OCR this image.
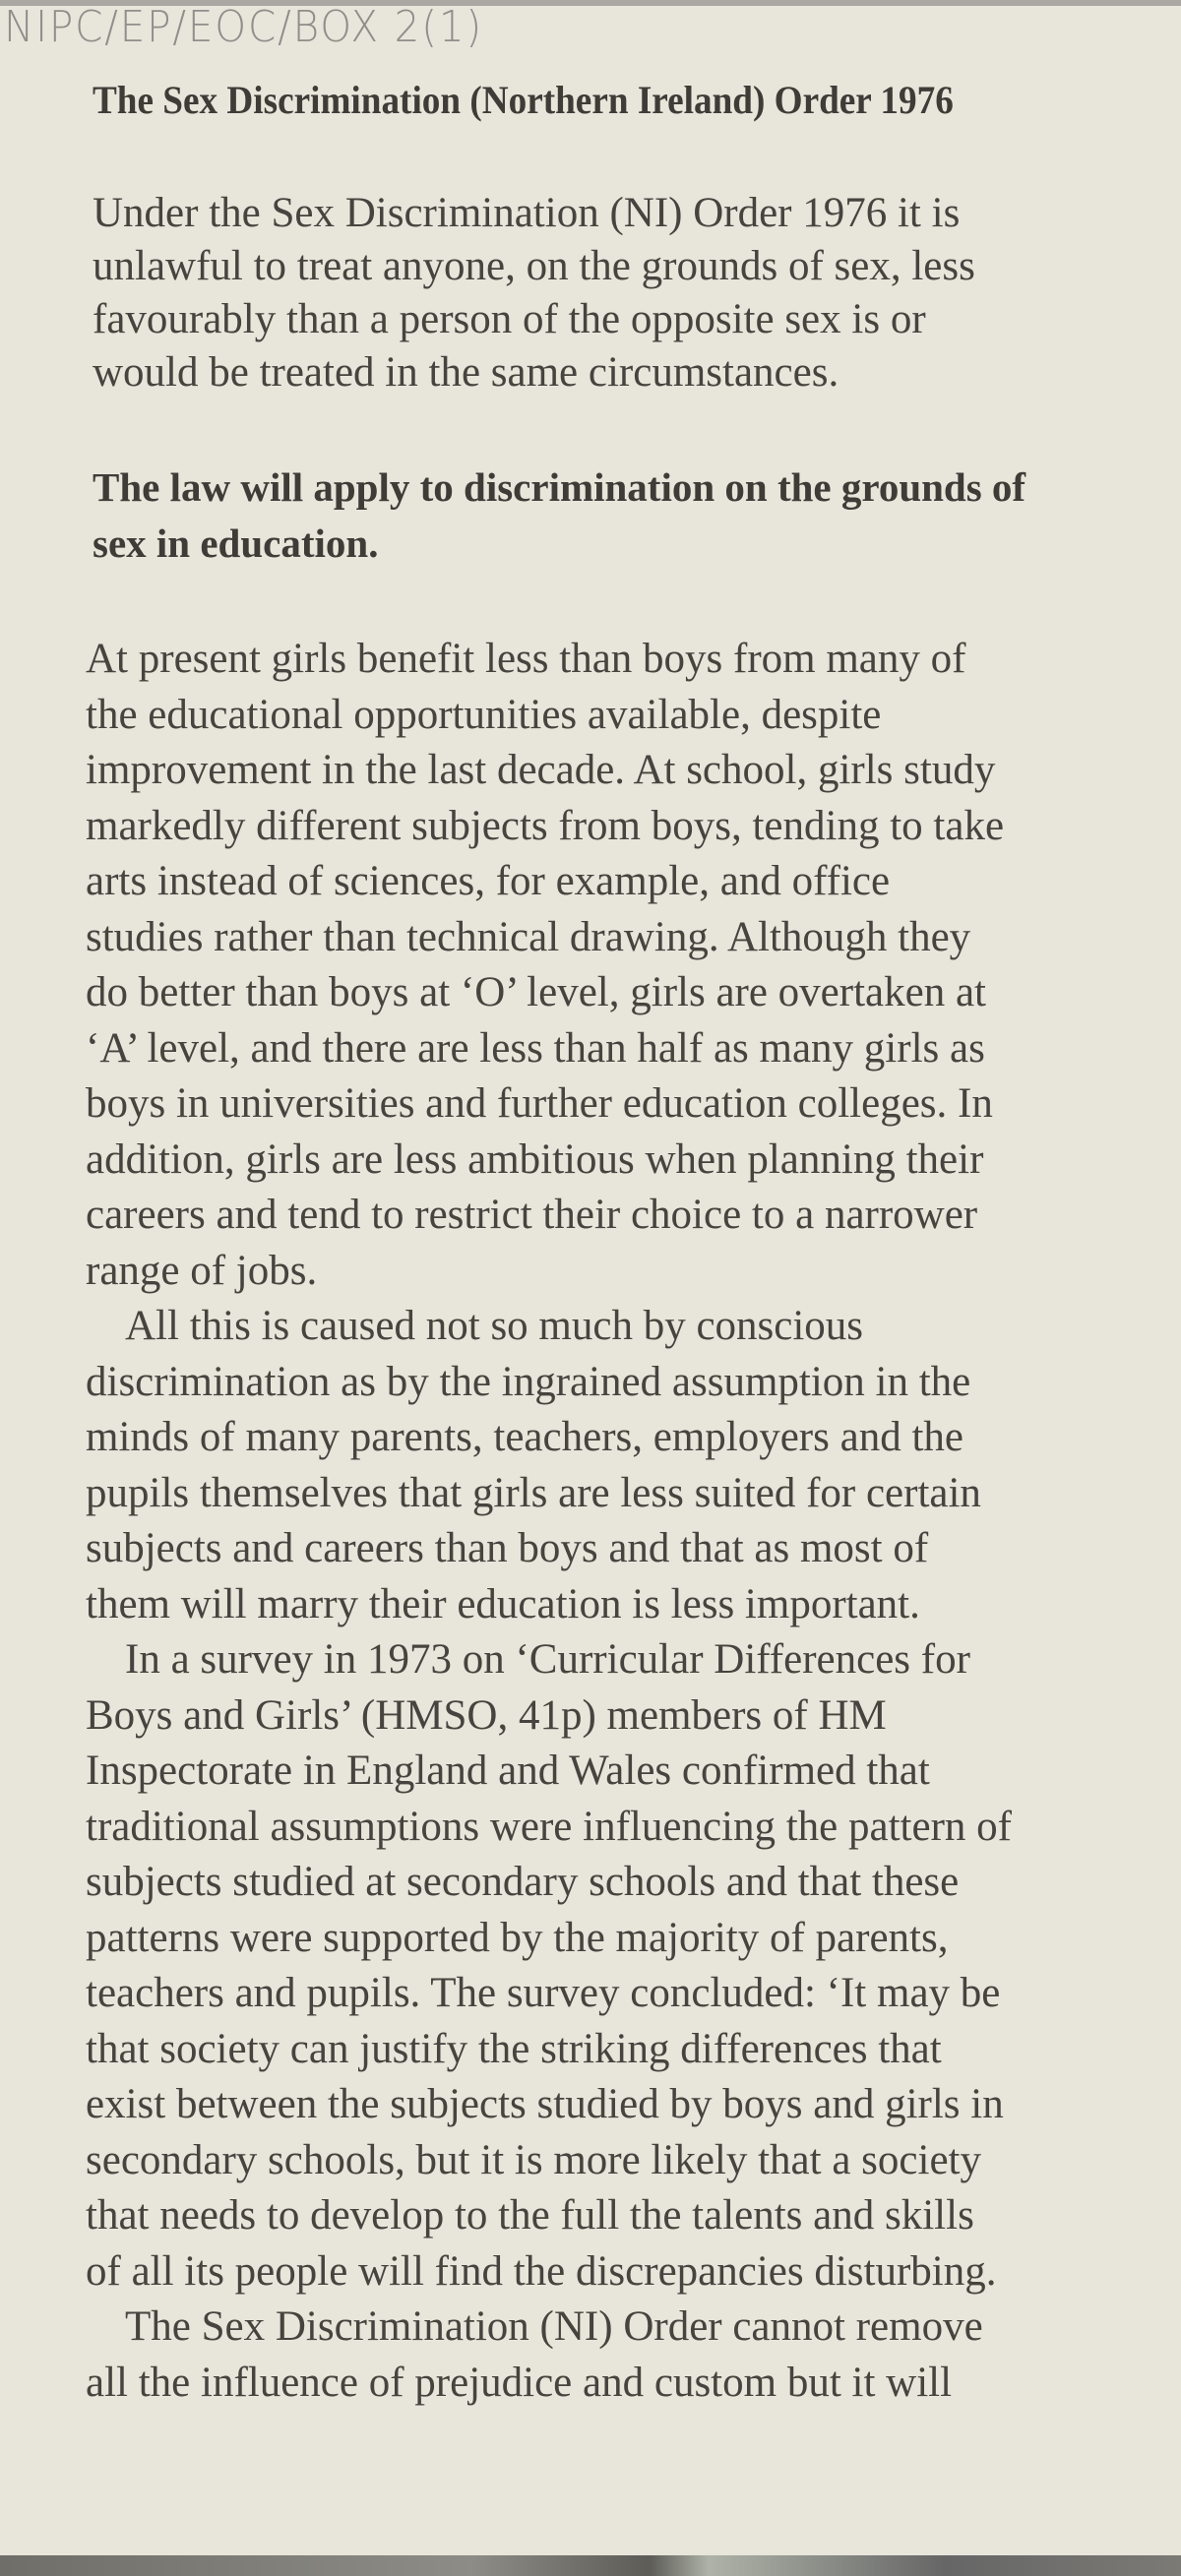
NIPC/EP/EOC/BOX 2(1)
The Sex Discrimination (Northern Ireland) Order 1976
Under the Sex Discrimination (NI) Order 1976 it is
unlawful to treat anyone, on the grounds of sex, less
favourably than a person of the opposite sex is or
would be treated in the same circumstances.
The law will apply to discrimination on the grounds of
sex in education.
At present girls benefit less than boys from many of
the educational opportunities available, despite
improvement in the last decade. At school, girls study
markedly different subjects from boys, tending to take
arts instead of sciences, for example, and office
studies rather than technical drawing. Although they
do better than boys at ‘O’ level, girls are overtaken at
‘A’ level, and there are less than half as many girls as
boys in universities and further education colleges. In
addition, girls are less ambitious when planning their
careers and tend to restrict their choice to a narrower
range of jobs.
All this is caused not so much by conscious
discrimination as by the ingrained assumption in the
minds of many parents, teachers, employers and the
pupils themselves that girls are less suited for certain
subjects and careers than boys and that as most of
them will marry their education is less important.
In a survey in 1973 on ‘Curricular Differences for
Boys and Girls’ (HMSO, 41p) members of HM
Inspectorate in England and Wales confirmed that
traditional assumptions were influencing the pattern of
subjects studied at secondary schools and that these
patterns were supported by the majority of parents,
teachers and pupils. The survey concluded: ‘It may be
that society can justify the striking differences that
exist between the subjects studied by boys and girls in
secondary schools, but it is more likely that a society
that needs to develop to the full the talents and skills
of all its people will find the discrepancies disturbing.
The Sex Discrimination (NI) Order cannot remove
all the influence of prejudice and custom but it will
